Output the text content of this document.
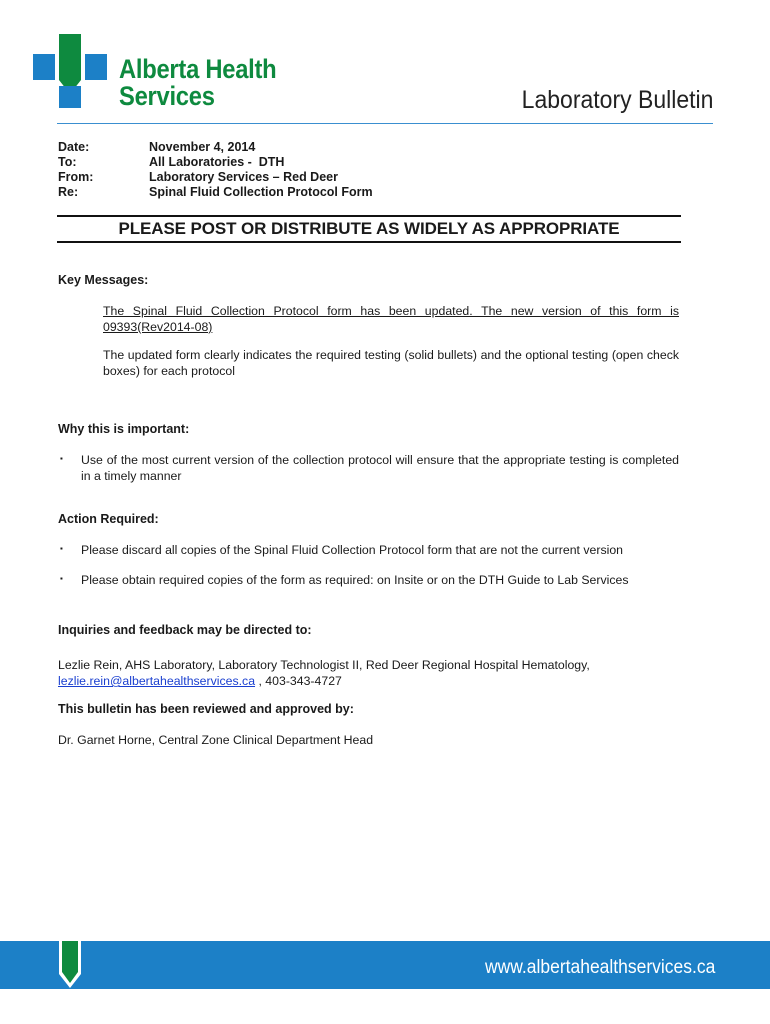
Alberta Health
Services	Laboratory Bulletin
Date:	November 4, 2014
To:	All Laboratories -  DTH
From:	Laboratory Services – Red Deer
Re:	Spinal Fluid Collection Protocol Form
PLEASE POST OR DISTRIBUTE AS WIDELY AS APPROPRIATE
Key Messages:
The Spinal Fluid Collection Protocol form has been updated. The new version of this form is 09393(Rev2014-08)
The updated form clearly indicates the required testing (solid bullets) and the optional testing (open check boxes) for each protocol
Why this is important:
▪ Use of the most current version of the collection protocol will ensure that the appropriate testing is completed in a timely manner
Action Required:
▪ Please discard all copies of the Spinal Fluid Collection Protocol form that are not the current version
▪ Please obtain required copies of the form as required: on Insite or on the DTH Guide to Lab Services
Inquiries and feedback may be directed to:
Lezlie Rein, AHS Laboratory, Laboratory Technologist II, Red Deer Regional Hospital Hematology,
lezlie.rein@albertahealthservices.ca , 403-343-4727
This bulletin has been reviewed and approved by:
Dr. Garnet Horne, Central Zone Clinical Department Head
www.albertahealthservices.ca
